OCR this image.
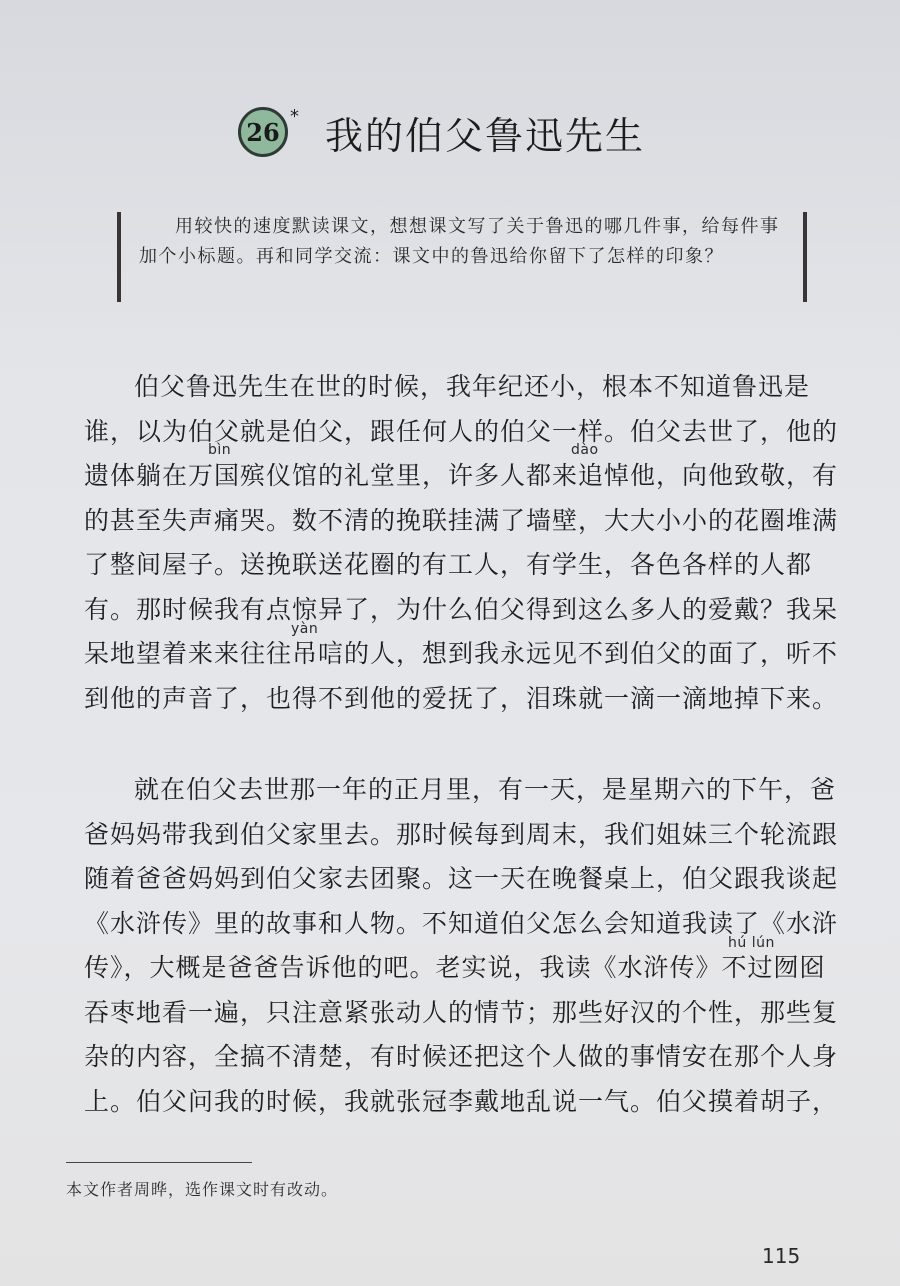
26
* 我的伯父鲁迅先生

用较快的速度默读课文，想想课文写了关于鲁迅的哪几件事，给每件事加个小标题。再和同学交流：课文中的鲁迅给你留下了怎样的印象？

bìn	dào
yàn
伯父鲁迅先生在世的时候，我年纪还小，根本不知道鲁迅是
谁，以为伯父就是伯父，跟任何人的伯父一样。伯父去世了，他的
遗体躺在万国殡仪馆的礼堂里，许多人都来追悼他，向他致敬，有
的甚至失声痛哭。数不清的挽联挂满了墙壁，大大小小的花圈堆满
了整间屋子。送挽联送花圈的有工人，有学生，各色各样的人都
有。那时候我有点惊异了，为什么伯父得到这么多人的爱戴？我呆
呆地望着来来往往吊唁的人，想到我永远见不到伯父的面了，听不
到他的声音了，也得不到他的爱抚了，泪珠就一滴一滴地掉下来。
hú lún
就在伯父去世那一年的正月里，有一天，是星期六的下午，爸
爸妈妈带我到伯父家里去。那时候每到周末，我们姐妹三个轮流跟
随着爸爸妈妈到伯父家去团聚。这一天在晚餐桌上，伯父跟我谈起
《水浒传》里的故事和人物。不知道伯父怎么会知道我读了《水浒
传》，大概是爸爸告诉他的吧。老实说，我读《水浒传》不过囫囵
吞枣地看一遍，只注意紧张动人的情节；那些好汉的个性，那些复
杂的内容，全搞不清楚，有时候还把这个人做的事情安在那个人身
上。伯父问我的时候，我就张冠李戴地乱说一气。伯父摸着胡子，
本文作者周晔，选作课文时有改动。
115
